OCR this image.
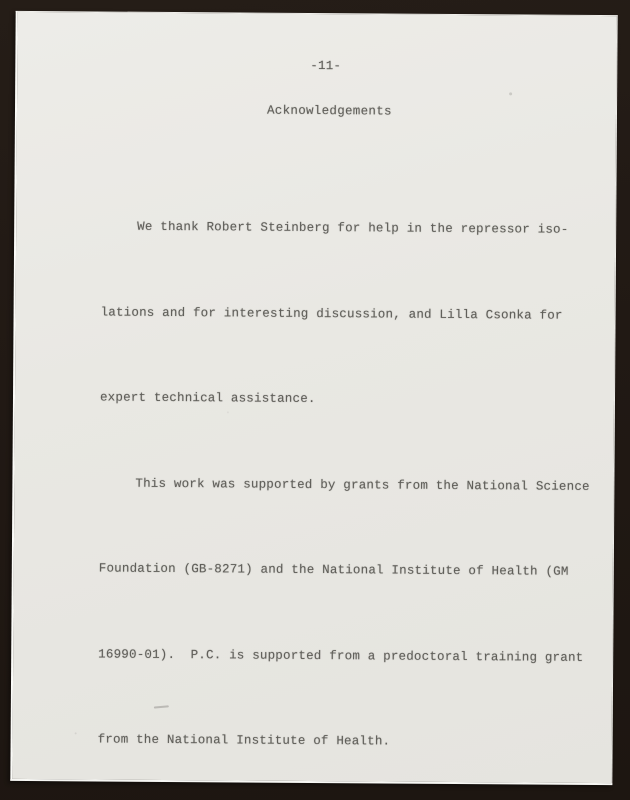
-11-
Acknowledgements

We thank Robert Steinberg for help in the repressor iso-

lations and for interesting discussion, and Lilla Csonka for

expert technical assistance.

This work was supported by grants from the National Science

Foundation (GB-8271) and the National Institute of Health (GM

16990-01).  P.C. is supported from a predoctoral training grant

from the National Institute of Health.
